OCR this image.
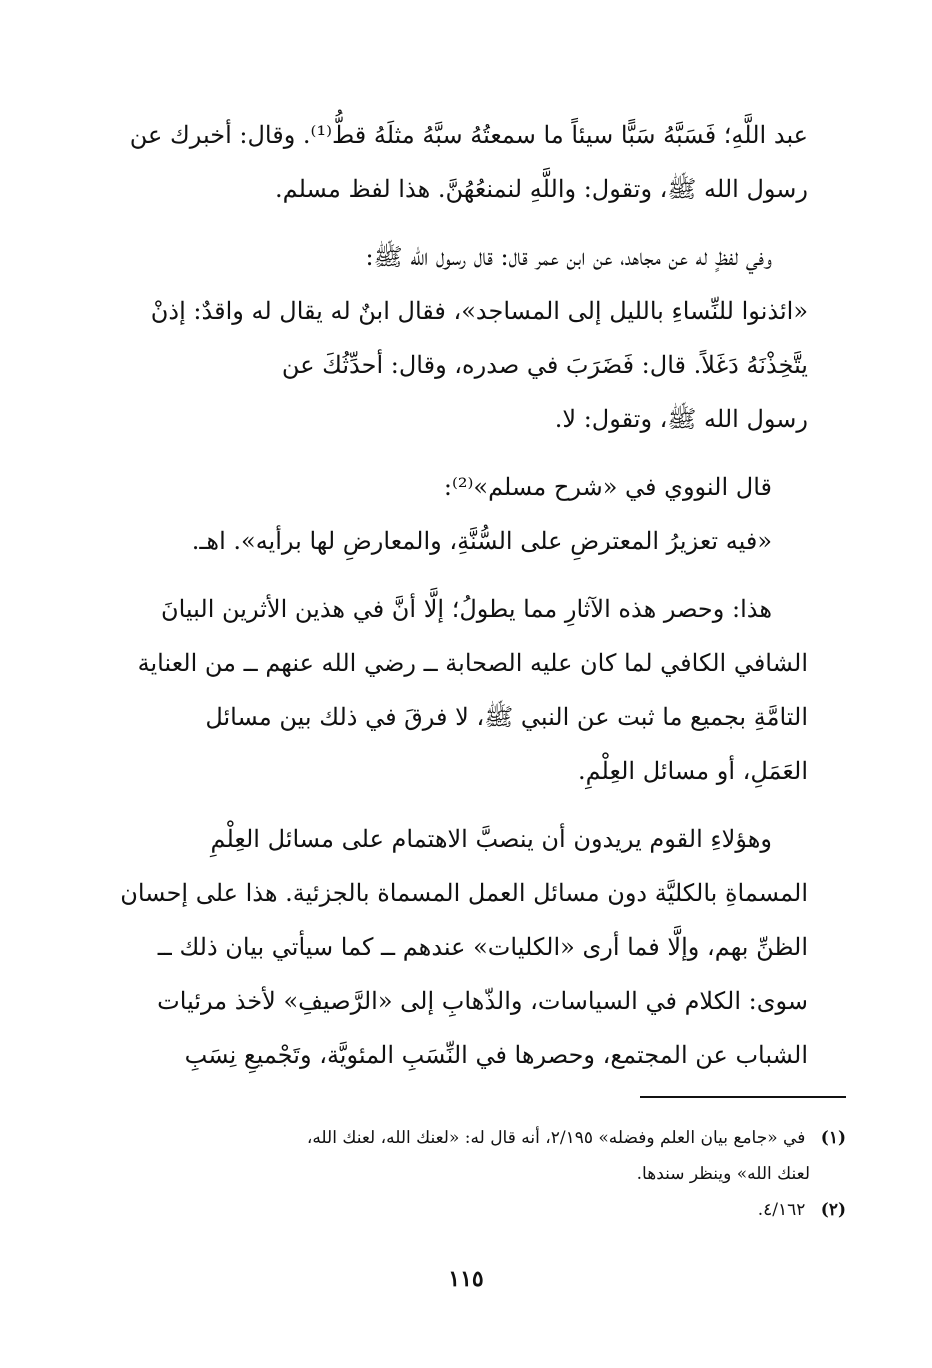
عبد اللَّهِ؛ فَسَبَّهُ سَبًّا سيئاً ما سمعتُهُ سبَّهُ مثلَهُ قطُّ⁽¹⁾. وقال: أخبرك عن
رسول الله ﷺ، وتقول: واللَّهِ لنمنعُهُنَّ. هذا لفظ مسلم.
وفي لفظٍ له عن مجاهد، عن ابن عمر قال: قال رسول الله ﷺ:
«ائذنوا للنِّساءِ بالليل إلى المساجد»، فقال ابنٌ له يقال له واقدٌ: إذنْ
يتَّخِذْنَهُ دَغَلاً. قال: فَضَرَبَ في صدره، وقال: أحدِّثُكَ عن
رسول الله ﷺ، وتقول: لا.
قال النووي في «شرح مسلم»⁽²⁾:
«فيه تعزيرُ المعترضِ على السُّنَّةِ، والمعارضِ لها برأيه». اهـ.
هذا: وحصر هذه الآثارِ مما يطولُ؛ إلَّا أنَّ في هذين الأثرين البيانَ
الشافي الكافي لما كان عليه الصحابة ــ رضي الله عنهم ــ من العناية
التامَّةِ بجميع ما ثبت عن النبي ﷺ، لا فرقَ في ذلك بين مسائل
العَمَلِ، أو مسائل العِلْمِ.
وهؤلاءِ القوم يريدون أن ينصبَّ الاهتمام على مسائل العِلْمِ
المسماةِ بالكليَّة دون مسائل العمل المسماة بالجزئية. هذا على إحسان
الظنِّ بهم، وإلَّا فما أرى «الكليات» عندهم ــ كما سيأتي بيان ذلك ــ
سوى: الكلام في السياسات، والذّهابِ إلى «الرَّصيفِ» لأخذ مرئيات
الشباب عن المجتمع، وحصرها في النِّسَبِ المئويَّة، وتَجْميعِ نِسَبِ
(١) في «جامع بيان العلم وفضله» ٢/١٩٥، أنه قال له: «لعنك الله، لعنك الله،
لعنك الله» وينظر سندها.
(٢) ٤/١٦٢.
١١٥
